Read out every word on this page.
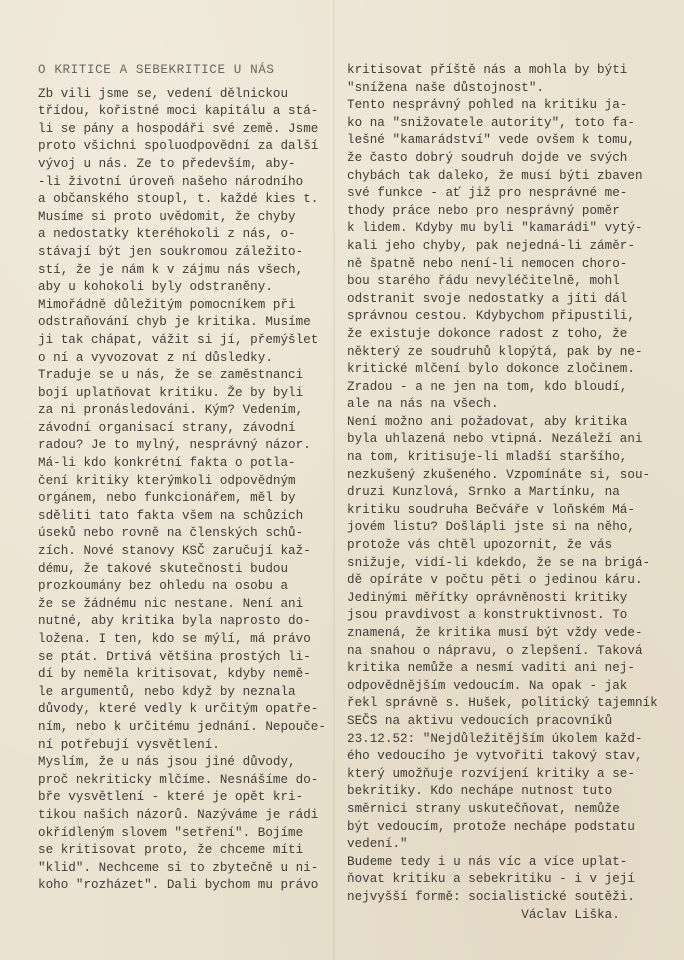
O KRITICE A SEBEKRITICE U NÁS
Zb vili jsme se, vedení dělnickou
třídou, kořistné moci kapitálu a stá-
li se pány a hospodáři své země. Jsme
proto všichni spoluodpovědní za další
vývoj u nás. Ze to především, aby-
-li životní úroveň našeho národního
a občanského stoupl, t. každé kies t.
Musíme si proto uvědomit, že chyby
a nedostatky kteréhokoli z nás, o-
stávají být jen soukromou záležito-
stí, že je nám k v zájmu nás všech,
aby u kohokoli byly odstraněny.
Mimořádně důležitým pomocníkem při
odstraňování chyb je kritika. Musíme
ji tak chápat, vážit si jí, přemýšlet
o ní a vyvozovat z ní důsledky.
Traduje se u nás, že se zaměstnanci
bojí uplatňovat kritiku. Že by byli
za ni pronásledováni. Kým? Vedením,
závodní organisací strany, závodní
radou? Je to mylný, nesprávný názor.
Má-li kdo konkrétní fakta o potla-
čení kritiky kterýmkoli odpovědným
orgánem, nebo funkcionářem, měl by
sděliti tato fakta všem na schůzích
úseků nebo rovně na členských schů-
zích. Nové stanovy KSČ zaručují kaž-
dému, že takové skutečnosti budou
prozkoumány bez ohledu na osobu a
že se žádnému nic nestane. Není ani
nutné, aby kritika byla naprosto do-
ložena. I ten, kdo se mýlí, má právo
se ptát. Drtivá většina prostých li-
dí by neměla kritisovat, kdyby nemě-
le argumentů, nebo když by neznala
důvody, které vedly k určitým opatře-
ním, nebo k určitému jednání. Nepouče-
ní potřebují vysvětlení.
Myslím, že u nás jsou jiné důvody,
proč nekriticky mlčíme. Nesnášíme do-
bře vysvětlení - které je opět kri-
tikou našich názorů. Nazýváme je rádi
okřídleným slovem "setření". Bojíme
se kritisovat proto, že chceme míti
"klid". Nechceme si to zbytečně u ni-
koho "rozházet". Dali bychom mu právo
kritisovat příště nás a mohla by býti
"snížena naše důstojnost".
Tento nesprávný pohled na kritiku ja-
ko na "snižovatele autority", toto fa-
lešné "kamarádství" vede ovšem k tomu,
že často dobrý soudruh dojde ve svých
chybách tak daleko, že musí býti zbaven
své funkce - ať již pro nesprávné me-
thody práce nebo pro nesprávný poměr
k lidem. Kdyby mu byli "kamarádi" vytý-
kali jeho chyby, pak nejedná-li záměr-
ně špatně nebo není-li nemocen choro-
bou starého řádu nevyléčitelně, mohl
odstranit svoje nedostatky a jíti dál
správnou cestou. Kdybychom připustili,
že existuje dokonce radost z toho, že
některý ze soudruhů klopýtá, pak by ne-
kritické mlčení bylo dokonce zločinem.
Zradou - a ne jen na tom, kdo bloudí,
ale na nás na všech.
Není možno ani požadovat, aby kritika
byla uhlazená nebo vtipná. Nezáleží ani
na tom, kritisuje-li mladší staršího,
nezkušený zkušeného. Vzpomínáte si, sou-
druzi Kunzlová, Srnko a Martínku, na
kritiku soudruha Bečváře v loňském Má-
jovém listu? Došlápli jste si na něho,
protože vás chtěl upozornit, že vás
snižuje, vidí-li kdekdo, že se na brigá-
dě opíráte v počtu pěti o jedinou káru.
Jedinými měřítky oprávněnosti kritiky
jsou pravdivost a konstruktivnost. To
znamená, že kritika musí být vždy vede-
na snahou o nápravu, o zlepšení. Taková
kritika nemůže a nesmí vaditi ani nej-
odpovědnějším vedoucím. Na opak - jak
řekl správně s. Hušek, politický tajemník
SEČS na aktivu vedoucích pracovníků
23.12.52: "Nejdůležitějším úkolem každ-
ého vedoucího je vytvořiti takový stav,
který umožňuje rozvíjení kritiky a se-
bekritiky. Kdo nechápe nutnost tuto
směrnici strany uskutečňovat, nemůže
být vedoucím, protože nechápe podstatu
vedení."
Budeme tedy i u nás víc a více uplat-
ňovat kritiku a sebekritiku - i v její
nejvyšší formě: socialistické soutěži.
Václav Liška.
